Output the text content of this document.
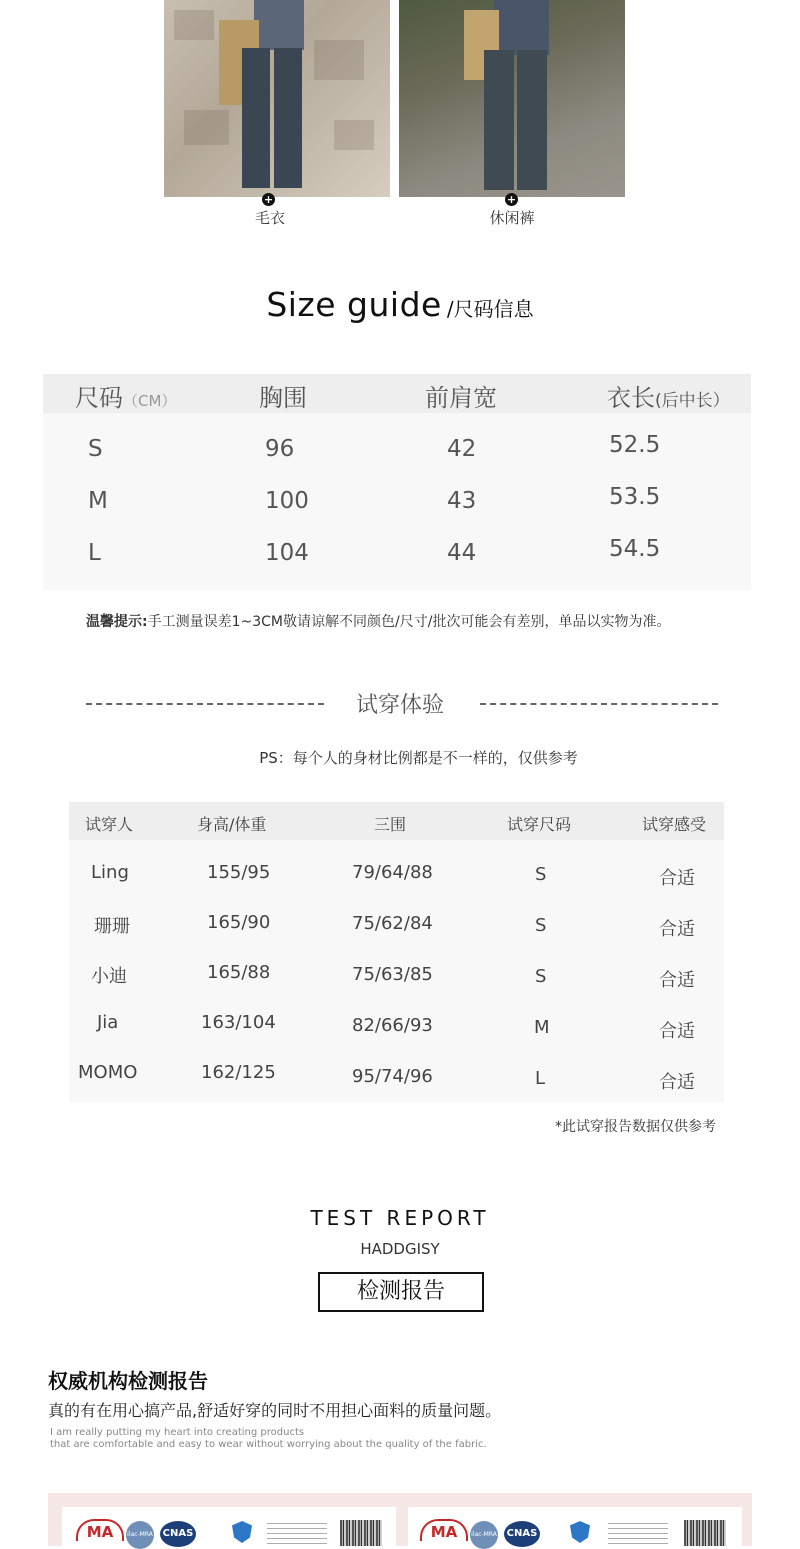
+	+
毛衣	休闲裤
Size guide /尺码信息
尺码（CM）	胸围	前肩宽	衣长(后中长）
S	96	42	52.5
M	100	43	53.5
L	104	44	54.5
温馨提示:手工测量误差1~3CM敬请谅解不同颜色/尺寸/批次可能会有差别，单品以实物为准。
试穿体验
PS：每个人的身材比例都是不一样的，仅供参考
试穿人	身高/体重	三围	试穿尺码	试穿感受
Ling	155/95	79/64/88	S	合适
珊珊	165/90	75/62/84	S	合适
小迪	165/88	75/63/85	S	合适
Jia	163/104	82/66/93	M	合适
MOMO	162/125	95/74/96	L	合适
*此试穿报告数据仅供参考
TEST REPORT
HADDGISY
检测报告
权威机构检测报告
真的有在用心搞产品,舒适好穿的同时不用担心面料的质量问题。
I am really putting my heart into creating products
that are comfortable and easy to wear without worrying about the quality of the fabric.
MA	ilac-MRA CNAS	MA	ilac-MRA CNAS
